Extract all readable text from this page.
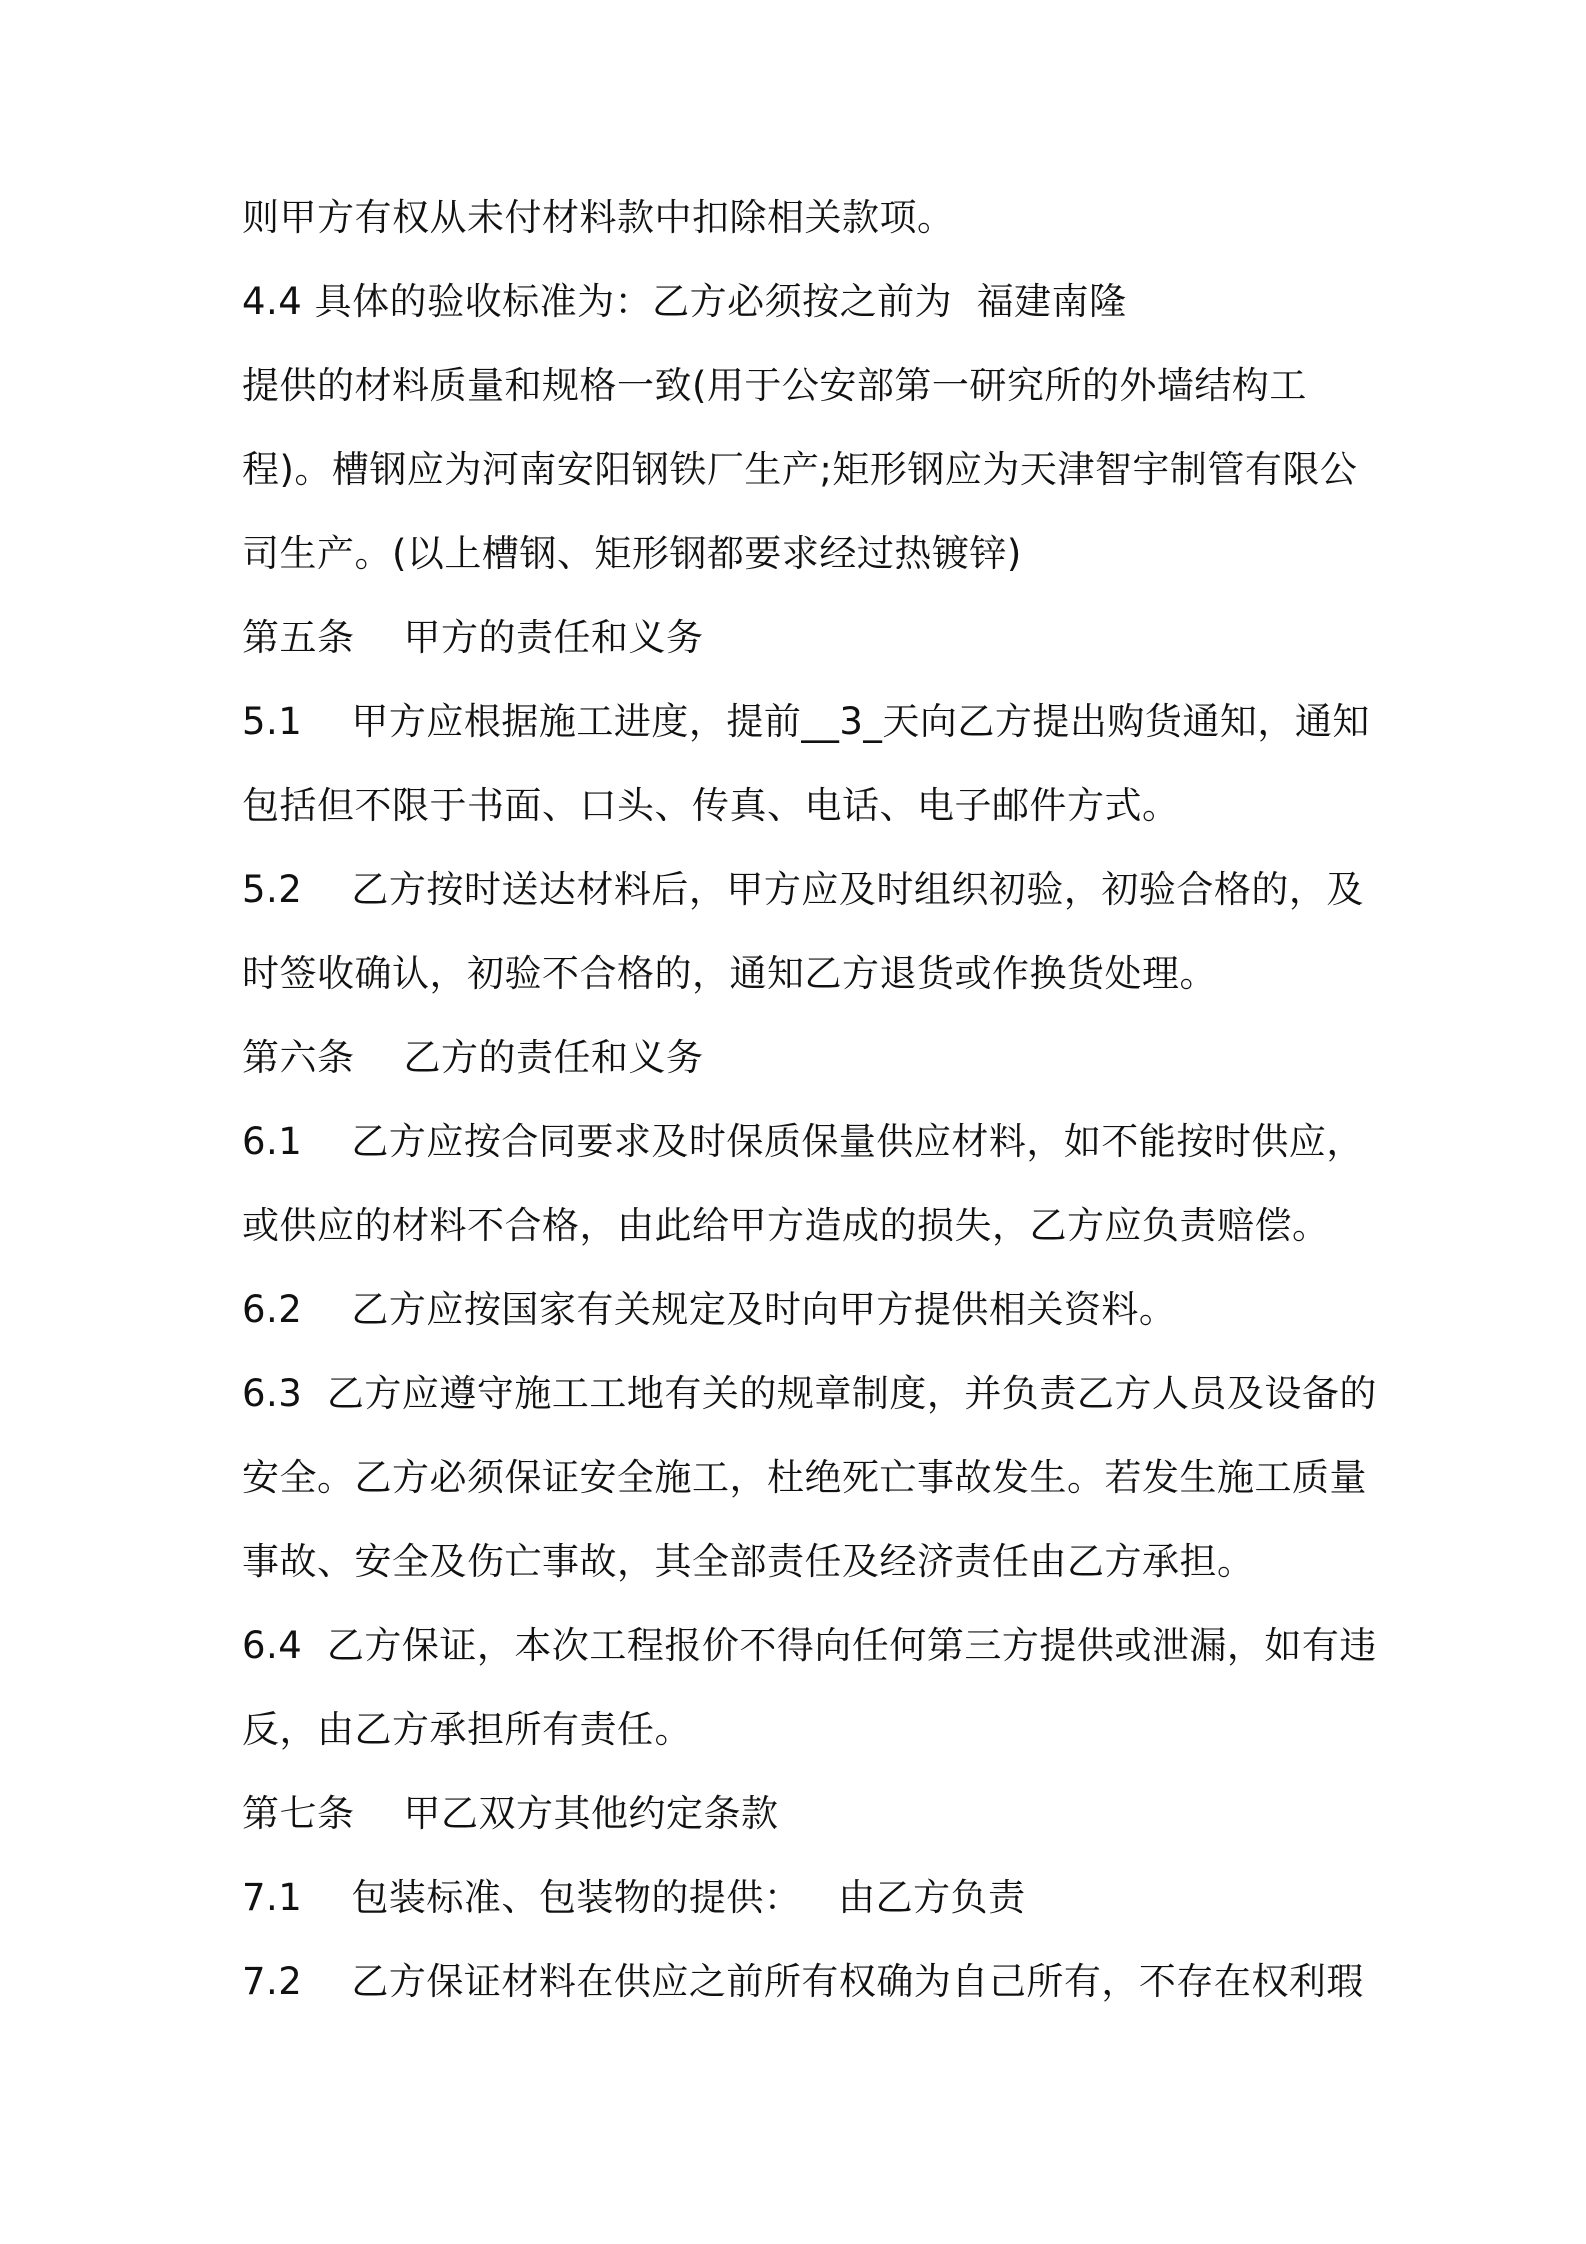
则甲方有权从未付材料款中扣除相关款项。
4.4 具体的验收标准为：乙方必须按之前为  福建南隆
提供的材料质量和规格一致(用于公安部第一研究所的外墙结构工
程)。槽钢应为河南安阳钢铁厂生产;矩形钢应为天津智宇制管有限公
司生产。(以上槽钢、矩形钢都要求经过热镀锌)
第五条    甲方的责任和义务
5.1    甲方应根据施工进度，提前__3_天向乙方提出购货通知，通知
包括但不限于书面、口头、传真、电话、电子邮件方式。
5.2    乙方按时送达材料后，甲方应及时组织初验，初验合格的，及
时签收确认，初验不合格的，通知乙方退货或作换货处理。
第六条    乙方的责任和义务
6.1    乙方应按合同要求及时保质保量供应材料，如不能按时供应，
或供应的材料不合格，由此给甲方造成的损失，乙方应负责赔偿。
6.2    乙方应按国家有关规定及时向甲方提供相关资料。
6.3  乙方应遵守施工工地有关的规章制度，并负责乙方人员及设备的
安全。乙方必须保证安全施工，杜绝死亡事故发生。若发生施工质量
事故、安全及伤亡事故，其全部责任及经济责任由乙方承担。
6.4  乙方保证，本次工程报价不得向任何第三方提供或泄漏，如有违
反，由乙方承担所有责任。
第七条    甲乙双方其他约定条款
7.1    包装标准、包装物的提供：   由乙方负责
7.2    乙方保证材料在供应之前所有权确为自己所有，不存在权利瑕
